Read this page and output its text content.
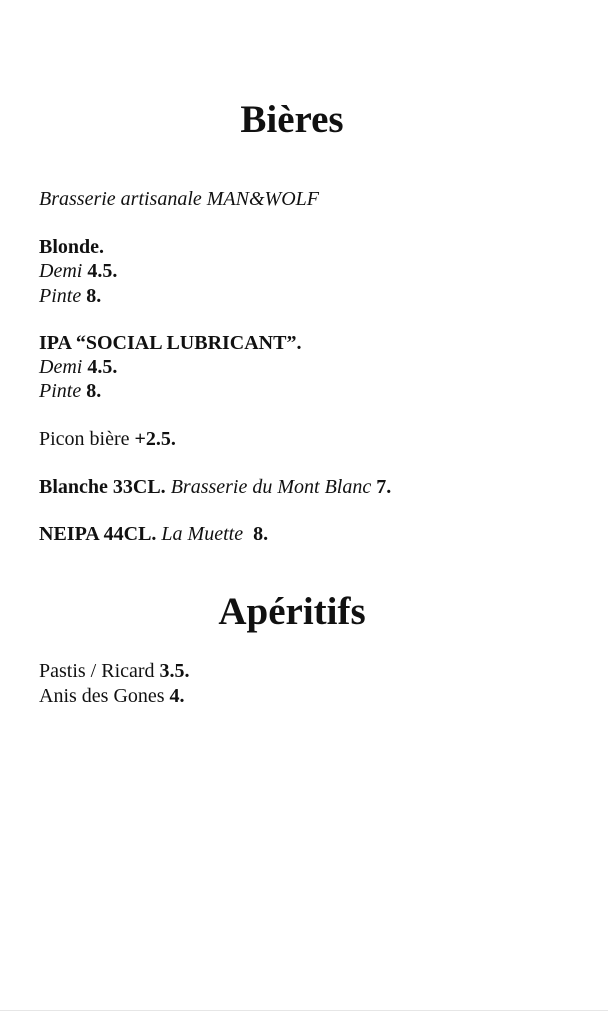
Bières
Brasserie artisanale MAN&WOLF
Blonde.
Demi 4.5.
Pinte 8.
IPA “SOCIAL LUBRICANT”.
Demi 4.5.
Pinte 8.
Picon bière +2.5.
Blanche 33CL. Brasserie du Mont Blanc 7.
NEIPA 44CL. La Muette 8.
Apéritifs
Pastis / Ricard 3.5.
Anis des Gones 4.
